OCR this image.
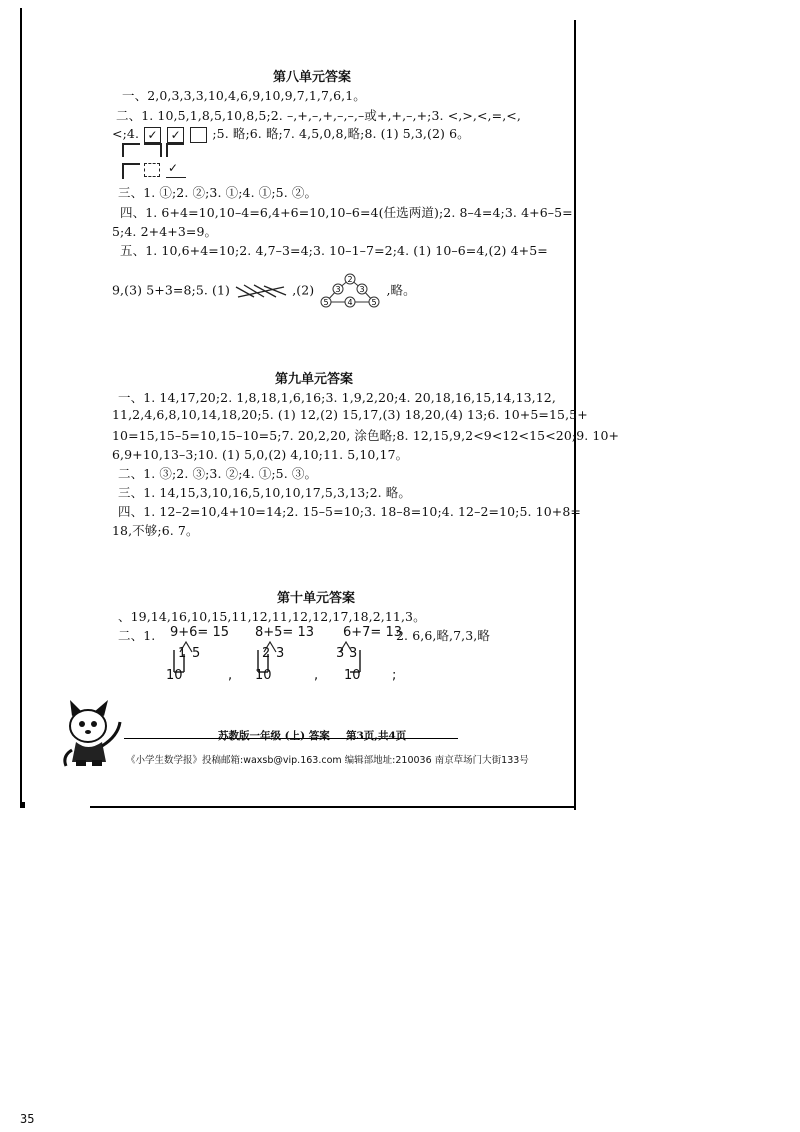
第八单元答案
一、2,0,3,3,3,10,4,6,9,10,9,7,1,7,6,1。
二、1. 10,5,1,8,5,10,8,5;2. –,+,–,+,–,–,–或+,+,–,+;3. <,>,<,=,<,
<;4. ✓ ✓	;5. 略;6. 略;7. 4,5,0,8,略;8. (1) 5,3,(2) 6。
✓
三、1. ①;2. ②;3. ①;4. ①;5. ②。
四、1. 6+4=10,10–4=6,4+6=10,10–6=4(任选两道);2. 8–4=4;3. 4+6–5=
5;4. 2+4+3=9。
五、1. 10,6+4=10;2. 4,7–3=4;3. 10–1–7=2;4. (1) 10–6=4,(2) 4+5=
9,(3) 5+3=8;5. (1)	,(2)
2
3 3
5 4 5
,略。
第九单元答案
一、1. 14,17,20;2. 1,8,18,1,6,16;3. 1,9,2,20;4. 20,18,16,15,14,13,12,
11,2,4,6,8,10,14,18,20;5. (1) 12,(2) 15,17,(3) 18,20,(4) 13;6. 10+5=15,5+
10=15,15–5=10,15–10=5;7. 20,2,20, 涂色略;8. 12,15,9,2<9<12<15<20;9. 10+
6,9+10,13–3;10. (1) 5,0,(2) 4,10;11. 5,10,17。
二、1. ③;2. ③;3. ②;4. ①;5. ③。
三、1. 14,15,3,10,16,5,10,10,17,5,3,13;2. 略。
四、1. 12–2=10,4+10=14;2. 15–5=10;3. 18–8=10;4. 12–2=10;5. 10+8=
18,不够;6. 7。
第十单元答案
、19,14,16,10,15,11,12,11,12,12,17,18,2,11,3。
二、1. 9+6= 15 8+5= 13 6+7= 13
2. 6,6,略,7,3,略
1 5	2 3	3 3
10	, 10	, 10 ;
苏教版一年级 (上) 答案 第3页,共4页
《小学生数学报》投稿邮箱:waxsb@vip.163.com 编辑部地址:210036 南京草场门大街133号
35
